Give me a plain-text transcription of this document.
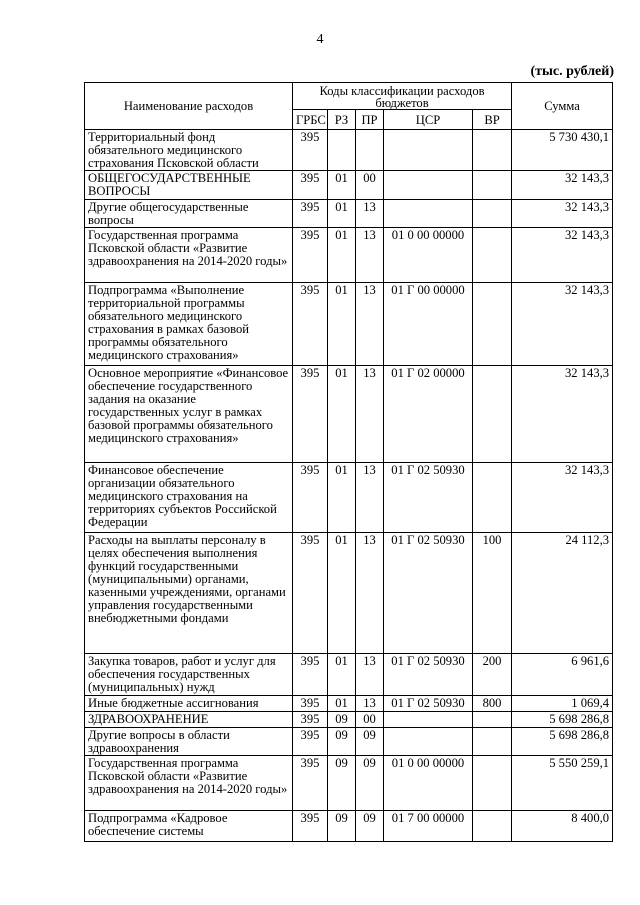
4
(тыс. рублей)
Наименование расходов	Коды классификации расходов бюджетов					Сумма
	ГРБС	РЗ	ПР	ЦСР	ВР	
Территориальный фонд обязательного медицинского страхования Псковской области	395					5 730 430,1
ОБЩЕГОСУДАРСТВЕННЫЕ ВОПРОСЫ	395	01	00			32 143,3
Другие общегосударственные вопросы	395	01	13			32 143,3
Государственная программа Псковской области «Развитие здравоохранения на 2014-2020 годы»	395	01	13	01 0 00 00000		32 143,3
Подпрограмма «Выполнение территориальной программы обязательного медицинского страхования в рамках базовой программы обязательного медицинского страхования»	395	01	13	01 Г 00 00000		32 143,3
Основное мероприятие «Финансовое обеспечение государственного задания на оказание государственных услуг в рамках базовой программы обязательного медицинского страхования»	395	01	13	01 Г 02 00000		32 143,3
Финансовое обеспечение организации обязательного медицинского страхования на территориях субъектов Российской Федерации	395	01	13	01 Г 02 50930		32 143,3
Расходы на выплаты персоналу в целях обеспечения выполнения функций государственными (муниципальными) органами, казенными учреждениями, органами управления государственными внебюджетными фондами	395	01	13	01 Г 02 50930	100	24 112,3
Закупка товаров, работ и услуг для обеспечения государственных (муниципальных) нужд	395	01	13	01 Г 02 50930	200	6 961,6
Иные бюджетные ассигнования	395	01	13	01 Г 02 50930	800	1 069,4
ЗДРАВООХРАНЕНИЕ	395	09	00			5 698 286,8
Другие вопросы в области здравоохранения	395	09	09			5 698 286,8
Государственная программа Псковской области «Развитие здравоохранения на 2014-2020 годы»	395	09	09	01 0 00 00000		5 550 259,1
Подпрограмма «Кадровое обеспечение системы	395	09	09	01 7 00 00000		8 400,0
